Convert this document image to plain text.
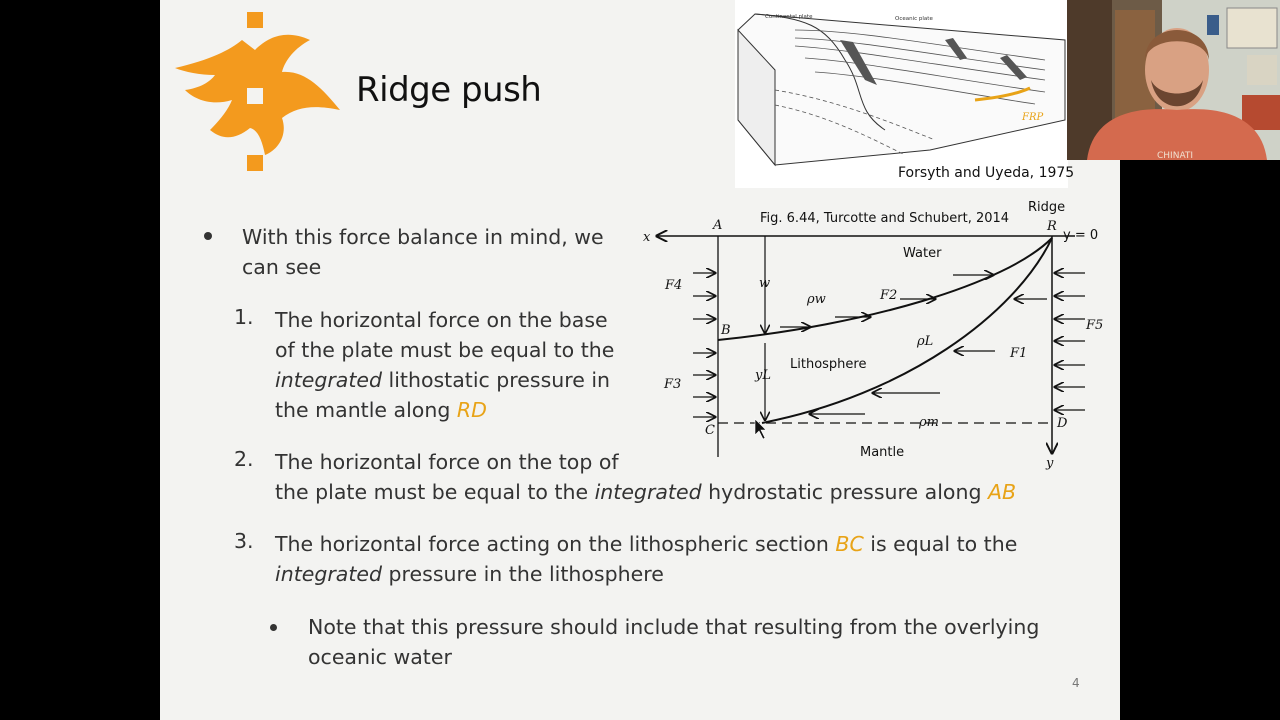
Ridge push
Continental plate	Oceanic plate
FRP
Forsyth and Uyeda, 1975
Fig. 6.44, Turcotte and Schubert, 2014
Ridge
x	y = 0
A
B
C	D
R
Water
Lithosphere
Mantle
w
yL
ρw
ρL
ρm
F1
F2
F3
F4
F5
y
With this force balance in mind, we
can see
1. The horizontal force on the base
of the plate must be equal to the
integrated lithostatic pressure in
the mantle along RD
2. The horizontal force on the top of
the plate must be equal to the integrated hydrostatic pressure along AB
3. The horizontal force acting on the lithospheric section BC is equal to the
integrated pressure in the lithosphere
Note that this pressure should include that resulting from the overlying
oceanic water
4
CHINATI
